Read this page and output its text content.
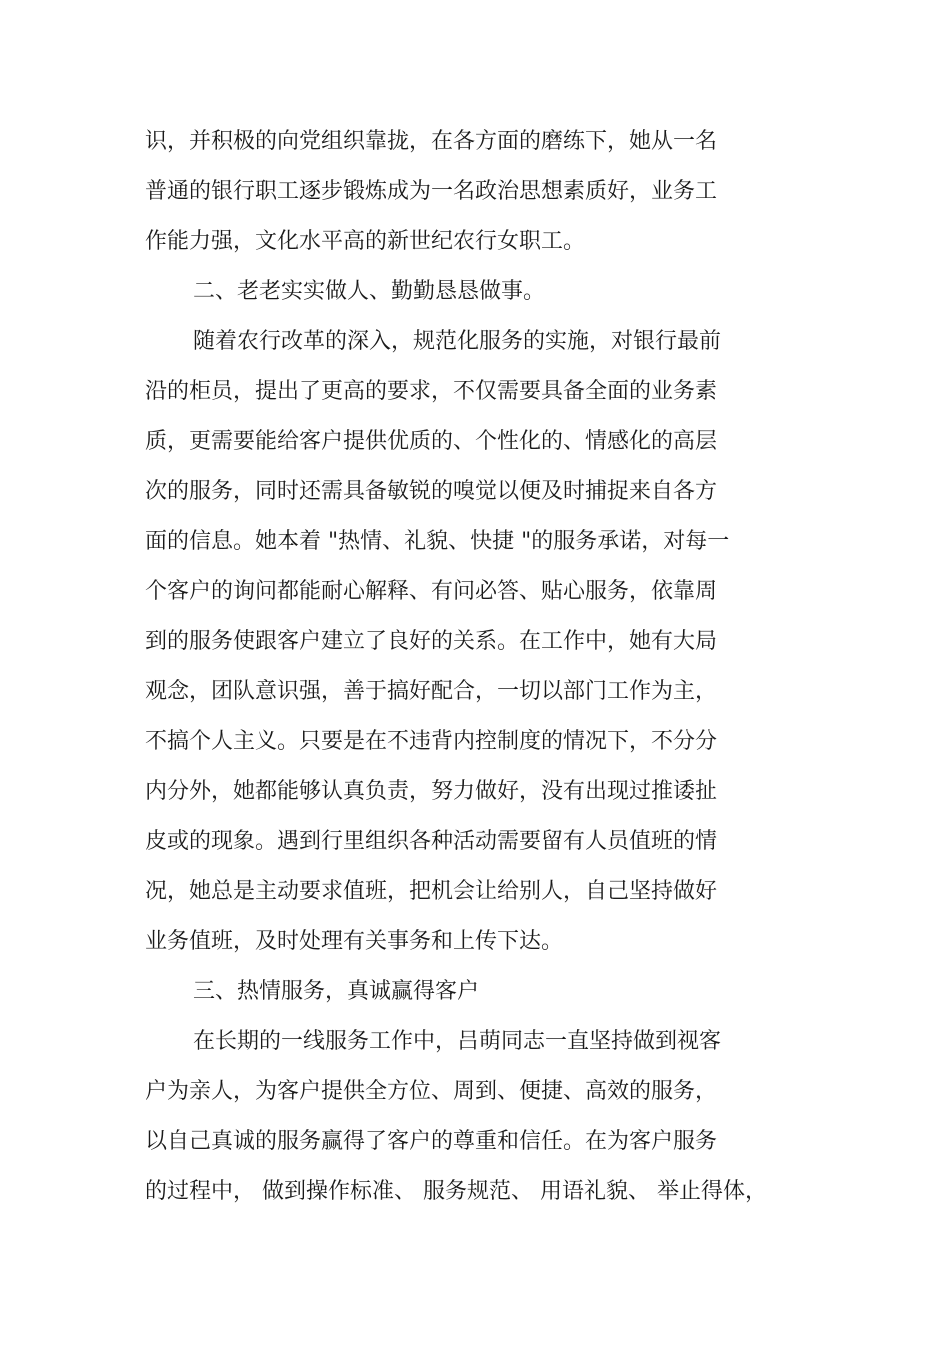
识，并积极的向党组织靠拢，在各方面的磨练下，她从一名
普通的银行职工逐步锻炼成为一名政治思想素质好，业务工
作能力强，文化水平高的新世纪农行女职工。
二、老老实实做人、勤勤恳恳做事。
随着农行改革的深入，规范化服务的实施，对银行最前
沿的柜员，提出了更高的要求，不仅需要具备全面的业务素
质，更需要能给客户提供优质的、个性化的、情感化的高层
次的服务，同时还需具备敏锐的嗅觉以便及时捕捉来自各方
面的信息。她本着 "热情、礼貌、快捷 "的服务承诺，对每一
个客户的询问都能耐心解释、有问必答、贴心服务，依靠周
到的服务使跟客户建立了良好的关系。在工作中，她有大局
观念，团队意识强，善于搞好配合，一切以部门工作为主，
不搞个人主义。只要是在不违背内控制度的情况下，不分分
内分外，她都能够认真负责，努力做好，没有出现过推诿扯
皮或的现象。遇到行里组织各种活动需要留有人员值班的情
况，她总是主动要求值班，把机会让给别人，自己坚持做好
业务值班，及时处理有关事务和上传下达。
三、热情服务，真诚赢得客户
在长期的一线服务工作中，吕萌同志一直坚持做到视客
户为亲人，为客户提供全方位、周到、便捷、高效的服务，
以自己真诚的服务赢得了客户的尊重和信任。在为客户服务
的过程中， 做到操作标准、 服务规范、 用语礼貌、 举止得体，
